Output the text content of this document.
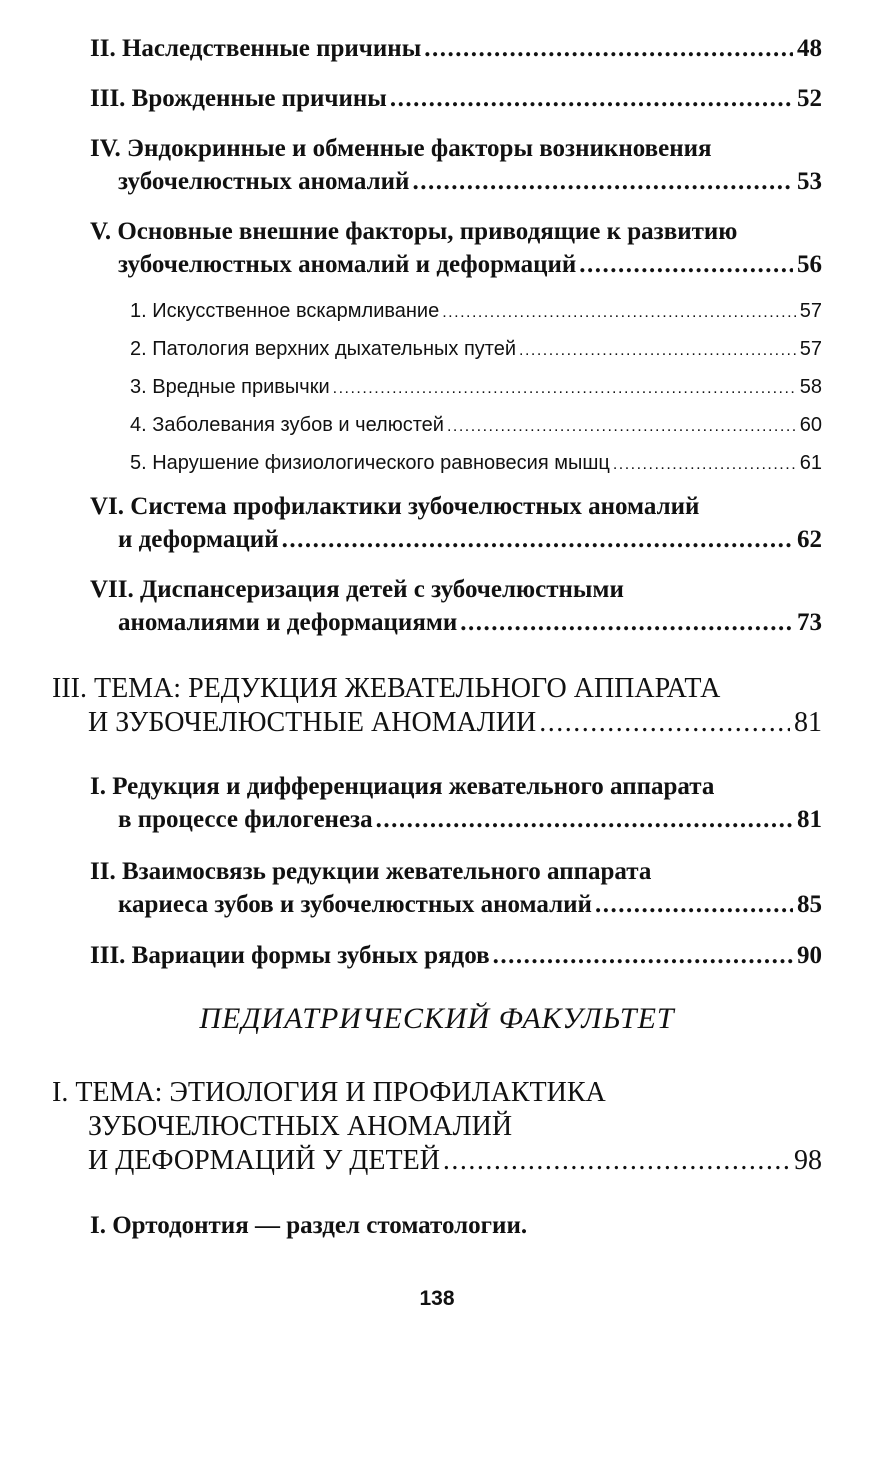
II. Наследственные причины .....	48
III. Врожденные причины .....	52
IV. Эндокринные и обменные факторы возникновения
зубочелюстных аномалий .....	53
V. Основные внешние факторы, приводящие к развитию
зубочелюстных аномалий и деформаций .....	56
1. Искусственное вскармливание .....	57
2. Патология верхних дыхательных путей .....	57
3. Вредные привычки .....	58
4. Заболевания зубов и челюстей .....	60
5. Нарушение физиологического равновесия мышц .....	61
VI. Система профилактики зубочелюстных аномалий
и деформаций .....	62
VII. Диспансеризация детей с зубочелюстными
аномалиями и деформациями .....	73
III. ТЕМА: РЕДУКЦИЯ ЖЕВАТЕЛЬНОГО АППАРАТА
И ЗУБОЧЕЛЮСТНЫЕ АНОМАЛИИ .....	81
I. Редукция и дифференциация жевательного аппарата
в процессе филогенеза .....	81
II. Взаимосвязь редукции жевательного аппарата
кариеса зубов и зубочелюстных аномалий .....	85
III. Вариации формы зубных рядов .....	90
ПЕДИАТРИЧЕСКИЙ ФАКУЛЬТЕТ
I. ТЕМА: ЭТИОЛОГИЯ И ПРОФИЛАКТИКА
ЗУБОЧЕЛЮСТНЫХ АНОМАЛИЙ
И ДЕФОРМАЦИЙ У ДЕТЕЙ .....	98
I. Ортодонтия — раздел стоматологии.
138
